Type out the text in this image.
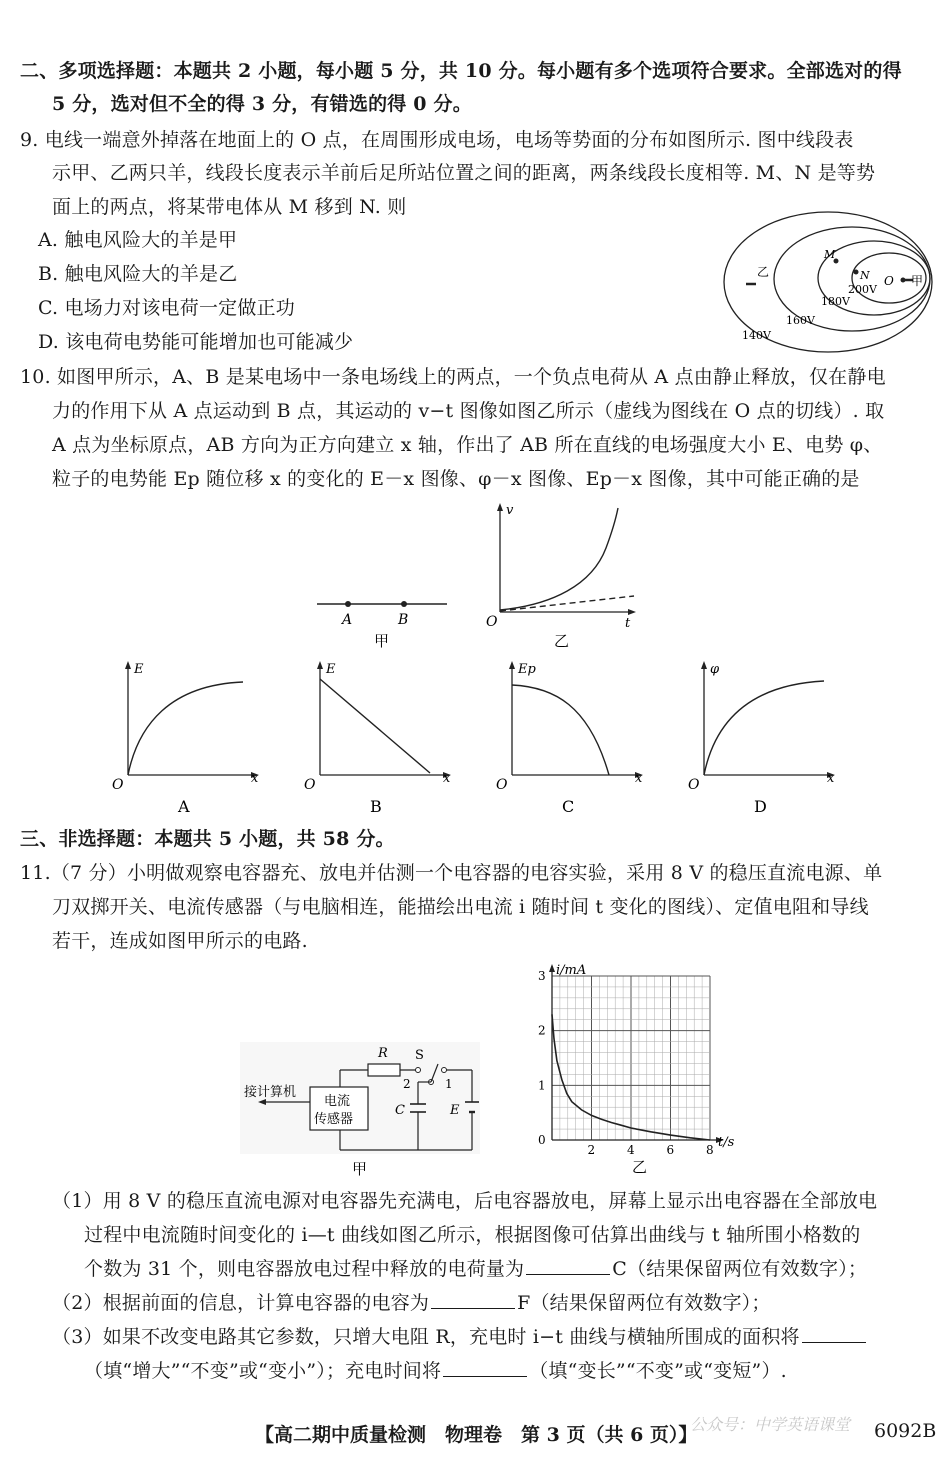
二、多项选择题：本题共 2 小题，每小题 5 分，共 10 分。每小题有多个选项符合要求。全部选对的得
5 分，选对但不全的得 3 分，有错选的得 0 分。
9. 电线一端意外掉落在地面上的 O 点，在周围形成电场，电场等势面的分布如图所示. 图中线段表
示甲、乙两只羊，线段长度表示羊前后足所站位置之间的距离，两条线段长度相等. M、N 是等势
面上的两点，将某带电体从 M 移到 N. 则
A. 触电风险大的羊是甲
B. 触电风险大的羊是乙
C. 电场力对该电荷一定做正功
D. 该电荷电势能可能增加也可能减少
乙
O 甲
M
N
200V
180V
160V
140V
10. 如图甲所示，A、B 是某电场中一条电场线上的两点，一个负点电荷从 A 点由静止释放，仅在静电
力的作用下从 A 点运动到 B 点，其运动的 v−t 图像如图乙所示（虚线为图线在 O 点的切线）. 取
A 点为坐标原点，AB 方向为正方向建立 x 轴，作出了 AB 所在直线的电场强度大小 E、电势 φ、
粒子的电势能 Ep 随位移 x 的变化的 E－x 图像、φ－x 图像、Ep－x 图像，其中可能正确的是
A	B
甲
v
t
O
乙
E
x
O
A
E
x
O
B
Ep
x
O
C
φ
x
O
D
三、非选择题：本题共 5 小题，共 58 分。
11.（7 分）小明做观察电容器充、放电并估测一个电容器的电容实验，采用 8 V 的稳压直流电源、单
刀双掷开关、电流传感器（与电脑相连，能描绘出电流 i 随时间 t 变化的图线）、定值电阻和导线
若干，连成如图甲所示的电路.
电流
传感器
接计算机
R S
2	1
C	E
甲
2	4	6	8
0
1
2
3 i/mA
t/s
乙
（1）用 8 V 的稳压直流电源对电容器先充满电，后电容器放电，屏幕上显示出电容器在全部放电
过程中电流随时间变化的 i—t 曲线如图乙所示，根据图像可估算出曲线与 t 轴所围小格数的
个数为 31 个，则电容器放电过程中释放的电荷量为	C（结果保留两位有效数字）；
（2）根据前面的信息，计算电容器的电容为	F（结果保留两位有效数字）；
（3）如果不改变电路其它参数，只增大电阻 R，充电时 i−t 曲线与横轴所围成的面积将
（填“增大”“不变”或“变小”）；充电时间将	（填“变长”“不变”或“变短”）.
公众号：中学英语课堂
【高二期中质量检测　物理卷　第 3 页（共 6 页）】	6092B
